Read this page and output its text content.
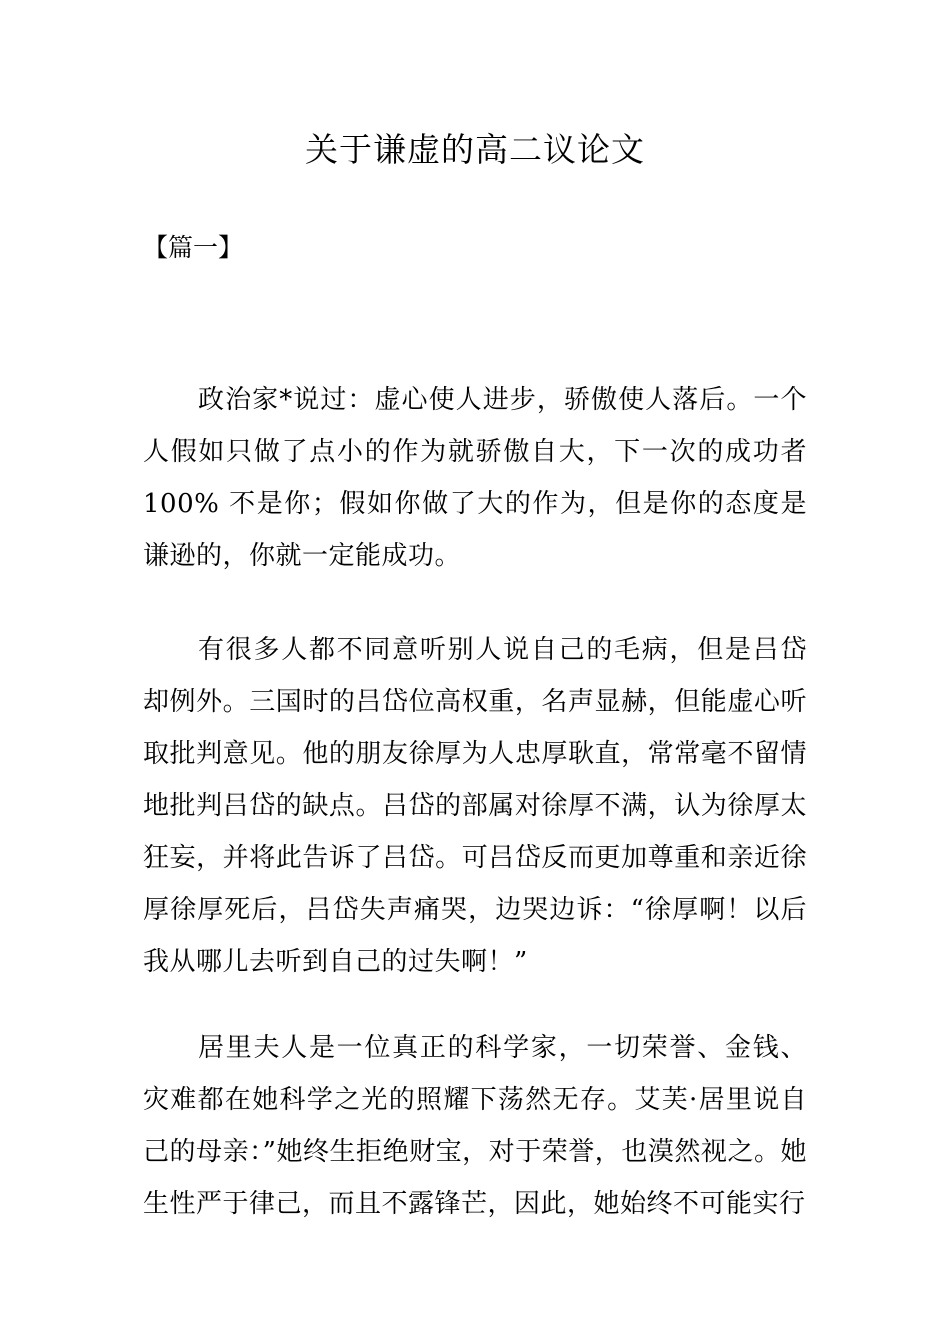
关于谦虚的高二议论文

【篇一】

政治家*说过：虚心使人进步，骄傲使人落后。一个人假如只做了点小的作为就骄傲自大，下一次的成功者 100% 不是你；假如你做了大的作为，但是你的态度是谦逊的，你就一定能成功。

有很多人都不同意听别人说自己的毛病，但是吕岱却例外。三国时的吕岱位高权重，名声显赫，但能虚心听取批判意见。他的朋友徐厚为人忠厚耿直，常常毫不留情地批判吕岱的缺点。吕岱的部属对徐厚不满，认为徐厚太狂妄，并将此告诉了吕岱。可吕岱反而更加尊重和亲近徐厚徐厚死后，吕岱失声痛哭，边哭边诉：“徐厚啊！以后我从哪儿去听到自己的过失啊！”

居里夫人是一位真正的科学家，一切荣誉、金钱、灾难都在她科学之光的照耀下荡然无存。艾芙·居里说自己的母亲：”她终生拒绝财宝，对于荣誉，也漠然视之。她生性严于律己，而且不露锋芒，因此，她始终不可能实行
